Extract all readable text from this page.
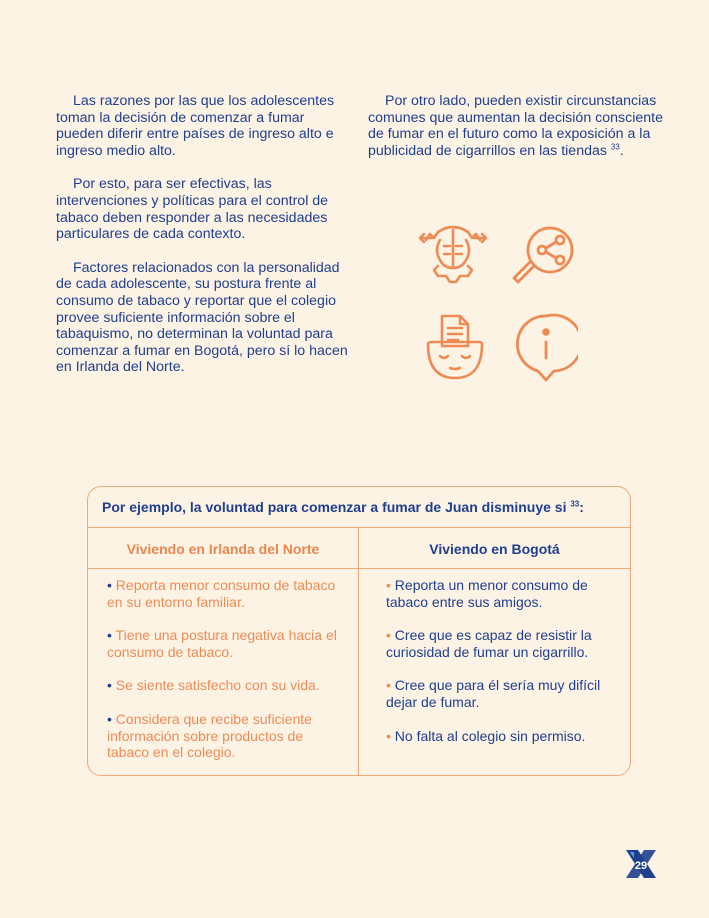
Las razones por las que los adolescentes toman la decisión de comenzar a fumar pueden diferir entre países de ingreso alto e ingreso medio alto.

Por esto, para ser efectivas, las intervenciones y políticas para el control de tabaco deben responder a las necesidades particulares de cada contexto.

Factores relacionados con la personalidad de cada adolescente, su postura frente al consumo de tabaco y reportar que el colegio provee suficiente información sobre el tabaquismo, no determinan la voluntad para comenzar a fumar en Bogotá, pero sí lo hacen en Irlanda del Norte.

Por otro lado, pueden existir circunstancias comunes que aumentan la decisión consciente de fumar en el futuro como la exposición a la publicidad de cigarrillos en las tiendas $^{33}$.

Por ejemplo, la voluntad para comenzar a fumar de Juan disminuye si $^{33}$:
Viviendo en Irlanda del Norte	Viviendo en Bogotá
• Reporta menor consumo de tabaco en su entorno familiar.
• Tiene una postura negativa hacia el consumo de tabaco.
• Se siente satisfecho con su vida.
• Considera que recibe suficiente información sobre productos de tabaco en el colegio.
• Reporta un menor consumo de tabaco entre sus amigos.
• Cree que es capaz de resistir la curiosidad de fumar un cigarrillo.
• Cree que para él sería muy difícil dejar de fumar.
• No falta al colegio sin permiso.
29
